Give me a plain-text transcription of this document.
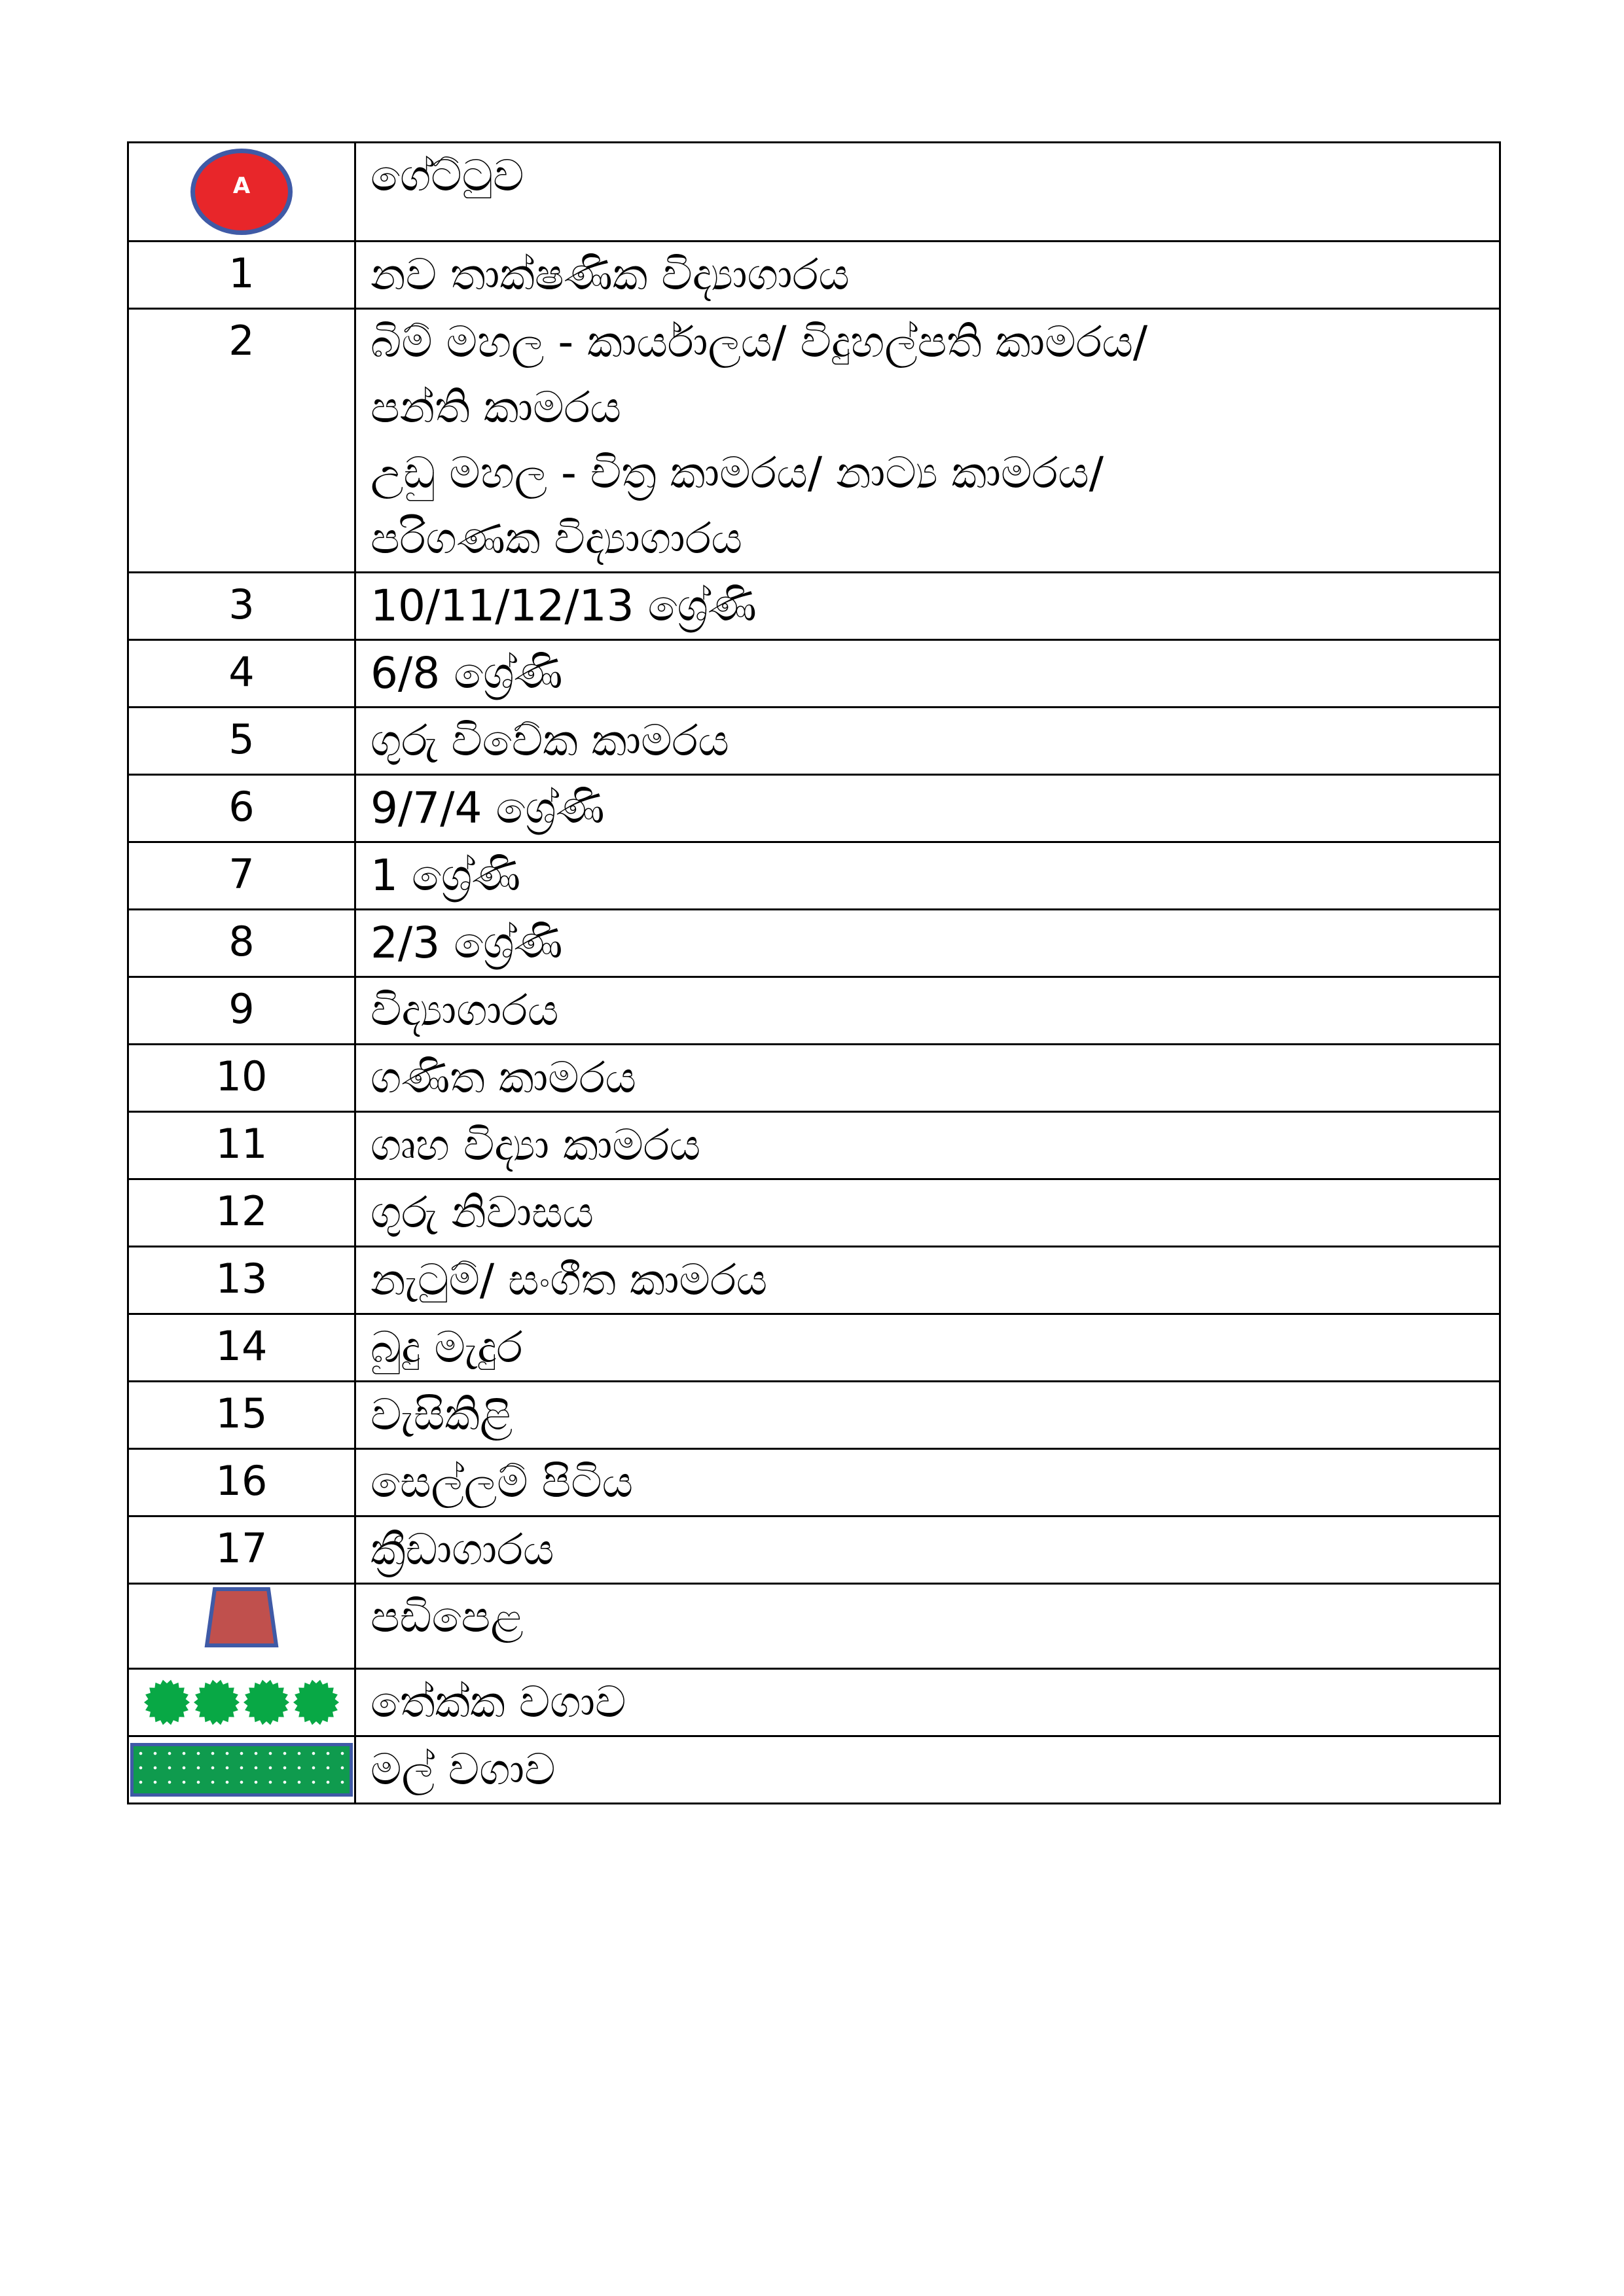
A	ගේට්ටුව
1	නව තාක්ෂණික විද්‍යාගාරය
2	බිම් මහල - කාර්යාලය/ විදුහල්පති කාමරය/
පන්ති කාමරය
උඩු මහල - චිත්‍ර කාමරය/ නාට්‍ය කාමරය/
පරිගණක විද්‍යාගාරය
3	10/11/12/13 ශ්‍රේණි
4	6/8 ශ්‍රේණි
5	ගුරු විවේක කාමරය
6	9/7/4 ශ්‍රේණි
7	1 ශ්‍රේණි
8	2/3 ශ්‍රේණි
9	විද්‍යාගාරය
10	ගණිත කාමරය
11	ගෘහ විද්‍යා කාමරය
12	ගුරු නිවාසය
13	නැටුම්/ සංගීත කාමරය
14	බුදු මැදුර
15	වැසිකිළි
16	සෙල්ලම් පිටිය
17	ක්‍රීඩාගාරය
	පඩිපෙළ

	තේක්ක වගාව

	මල් වගාව
